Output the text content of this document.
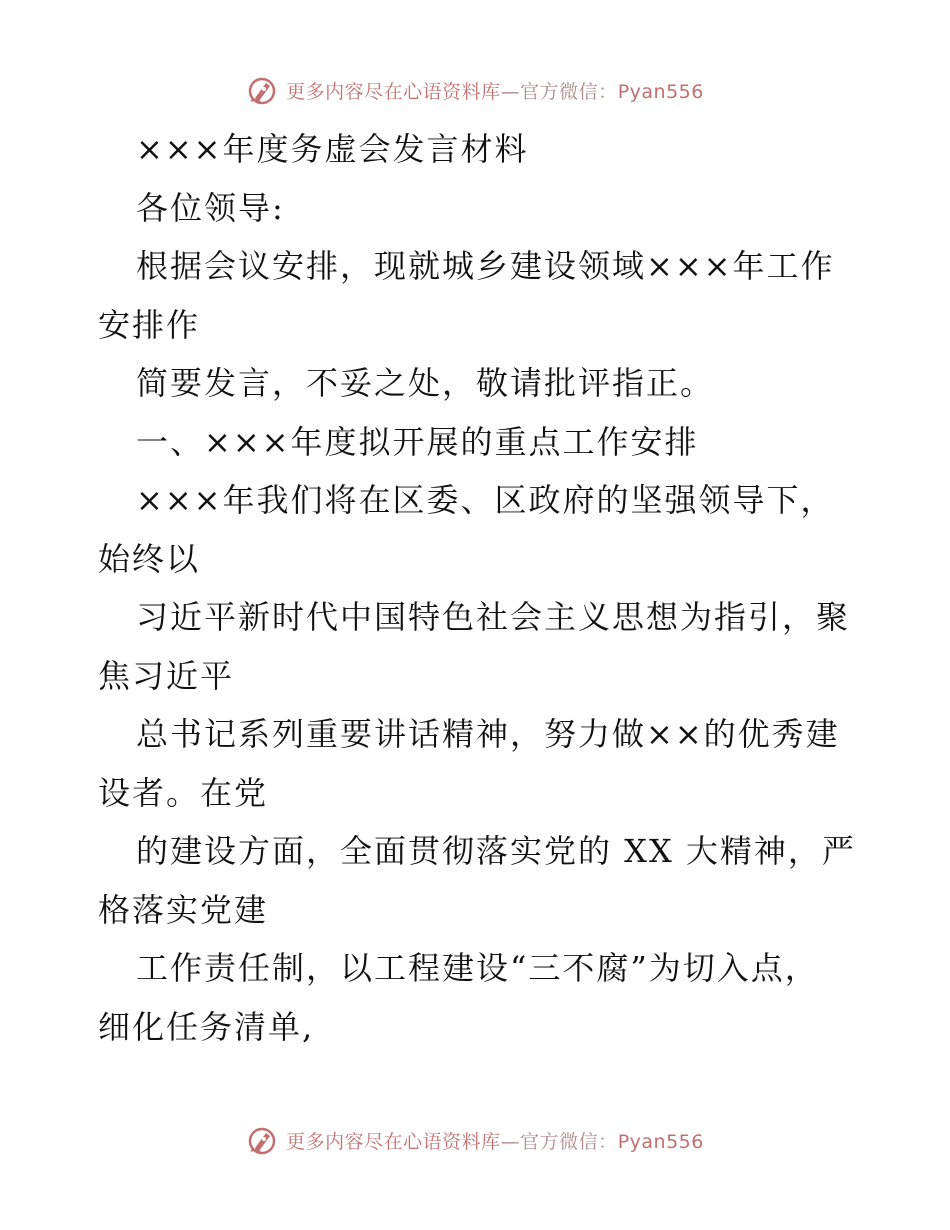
更多内容尽在心语资料库—官方微信：Pyan556
×××年度务虚会发言材料
各位领导:
根据会议安排，现就城乡建设领域×××年工作
安排作
简要发言，不妥之处，敬请批评指正。
一、×××年度拟开展的重点工作安排
×××年我们将在区委、区政府的坚强领导下，
始终以
习近平新时代中国特色社会主义思想为指引，聚
焦习近平
总书记系列重要讲话精神，努力做××的优秀建
设者。在党
的建设方面，全面贯彻落实党的 XX 大精神，严
格落实党建
工作责任制，以工程建设“三不腐”为切入点，
细化任务清单,
更多内容尽在心语资料库—官方微信：Pyan556
